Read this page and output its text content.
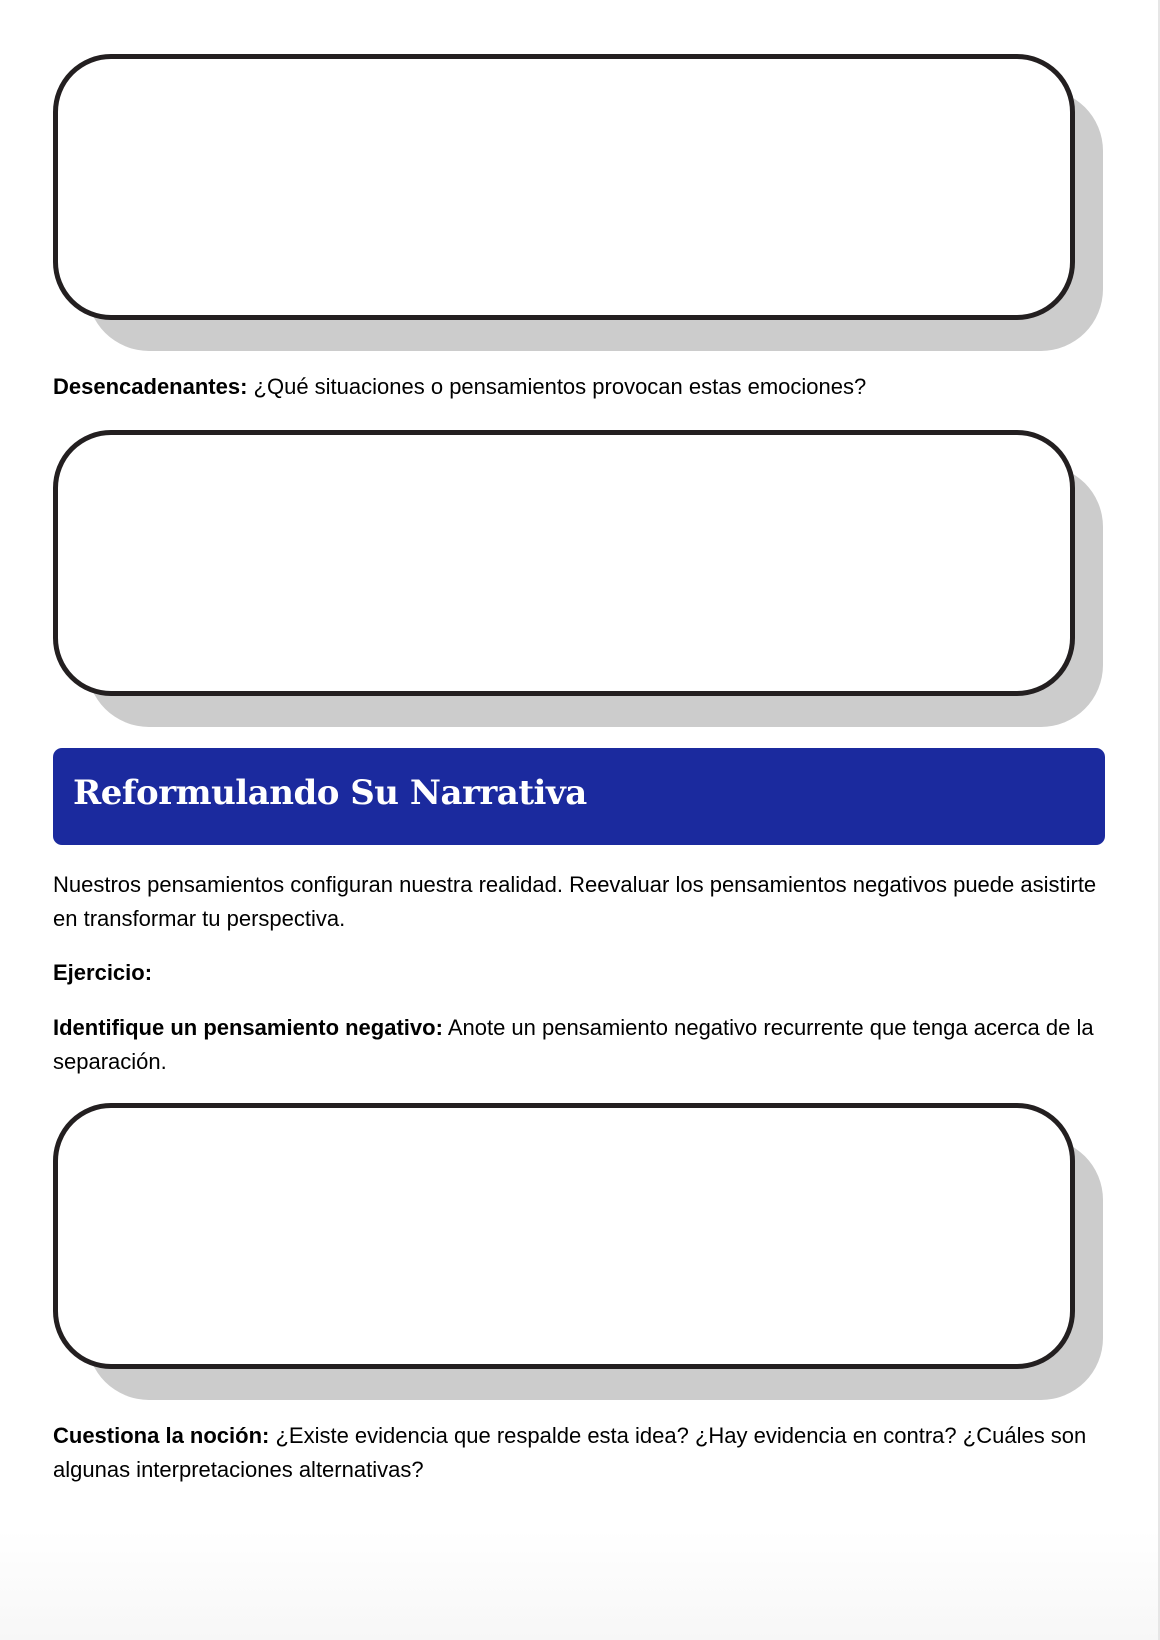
Desencadenantes: ¿Qué situaciones o pensamientos provocan estas emociones?

Reformulando Su Narrativa

Nuestros pensamientos configuran nuestra realidad. Reevaluar los pensamientos negativos puede asistirte en transformar tu perspectiva.

Ejercicio:

Identifique un pensamiento negativo: Anote un pensamiento negativo recurrente que tenga acerca de la separación.

Cuestiona la noción: ¿Existe evidencia que respalde esta idea? ¿Hay evidencia en contra? ¿Cuáles son algunas interpretaciones alternativas?
